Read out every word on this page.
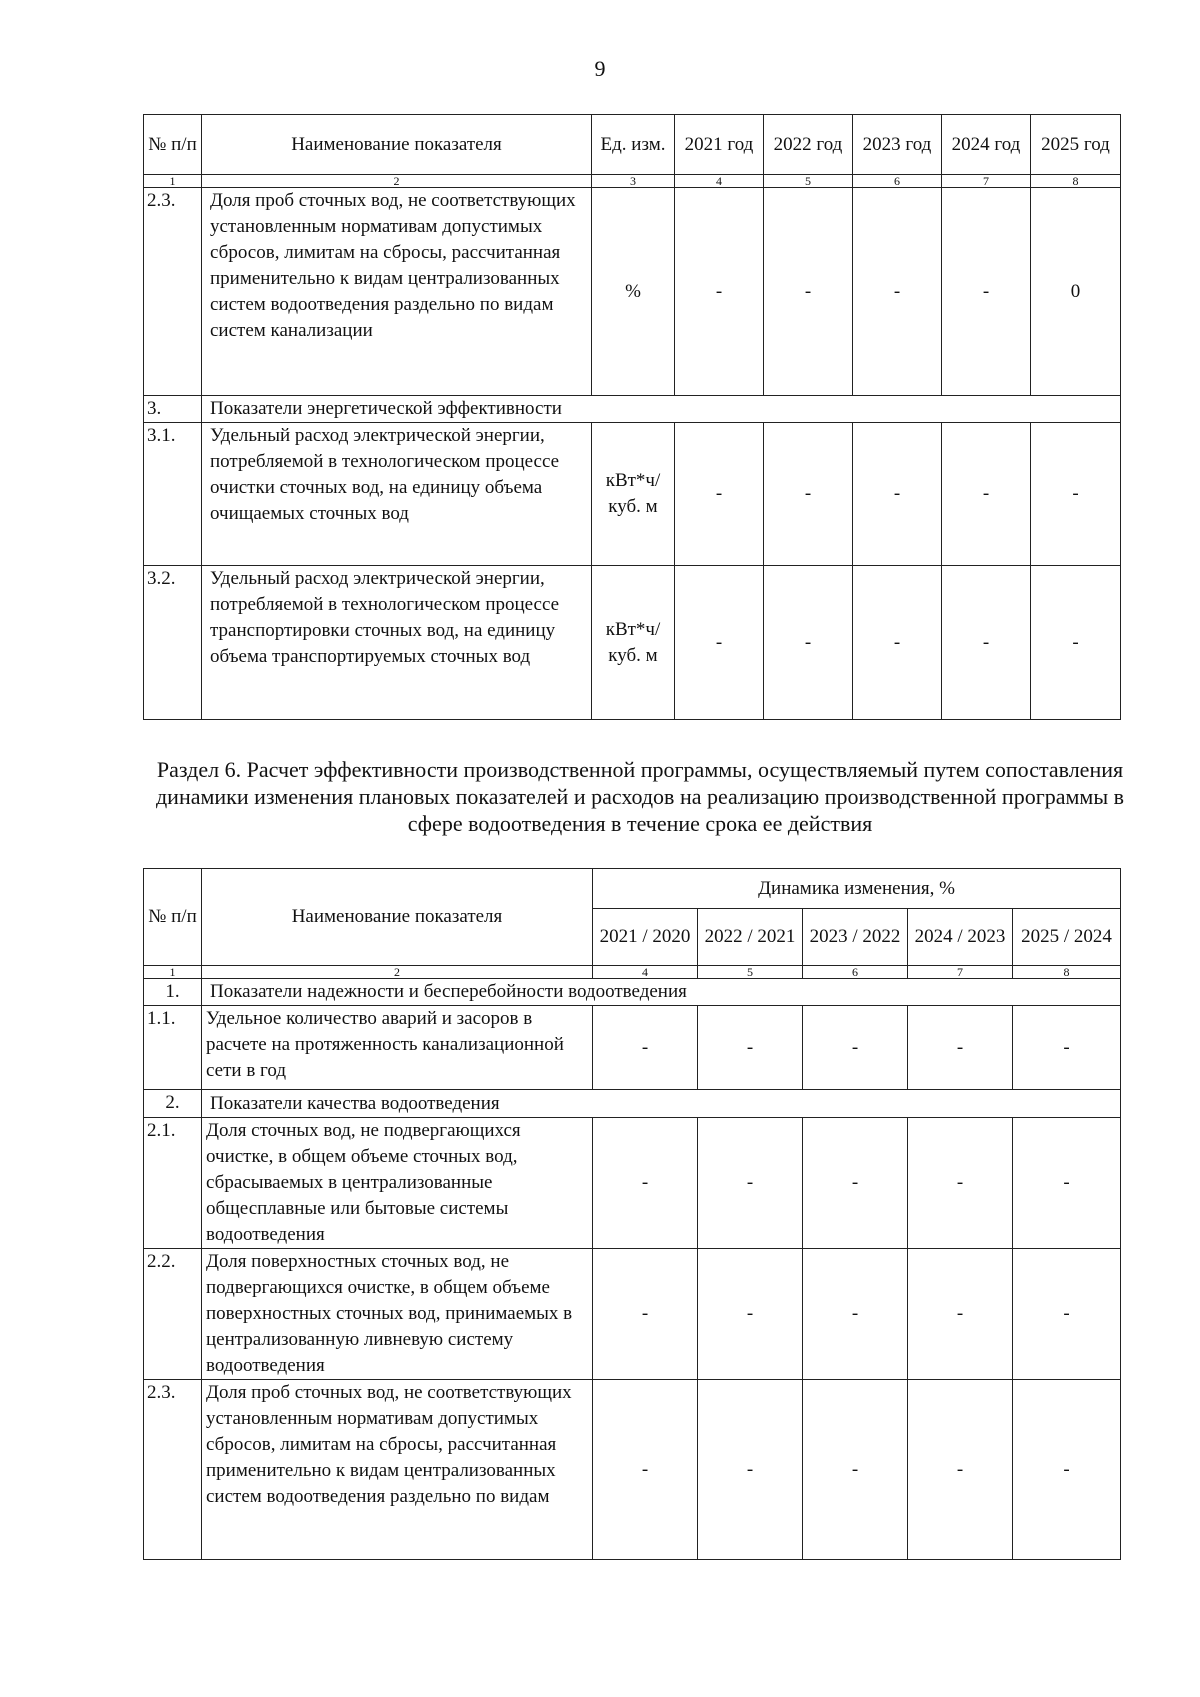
9
№ п/п	Наименование показателя	Ед. изм.	2021 год	2022 год	2023 год	2024 год	2025 год
1	2	3	4	5	6	7	8
2.3.	Доля проб сточных вод, не соответствующих установленным нормативам допустимых сбросов, лимитам на сбросы, рассчитанная применительно к видам централизованных систем водоотведения раздельно по видам систем канализации	%	-	-	-	-	0
3.	Показатели энергетической эффективности						
3.1.	Удельный расход электрической энергии, потребляемой в технологическом процессе очистки сточных вод, на единицу объема очищаемых сточных вод	кВт*ч/ куб. м	-	-	-	-	-
3.2.	Удельный расход электрической энергии, потребляемой в технологическом процессе транспортировки сточных вод, на единицу объема транспортируемых сточных вод	кВт*ч/ куб. м	-	-	-	-	-
Раздел 6. Расчет эффективности производственной программы, осуществляемый путем сопоставления динамики изменения плановых показателей и расходов на реализацию производственной программы в сфере водоотведения в течение срока ее действия
№ п/п	Наименование показателя	Динамика изменения, %				
		2021 / 2020	2022 / 2021	2023 / 2022	2024 / 2023	2025 / 2024
1	2	4	5	6	7	8
1.	Показатели надежности и бесперебойности водоотведения					
1.1.	Удельное количество аварий и засоров в расчете на протяженность канализационной сети в год	-	-	-	-	-
2.	Показатели качества водоотведения					
2.1.	Доля сточных вод, не подвергающихся очистке, в общем объеме сточных вод, сбрасываемых в централизованные общесплавные или бытовые системы водоотведения	-	-	-	-	-
2.2.	Доля поверхностных сточных вод, не подвергающихся очистке, в общем объеме поверхностных сточных вод, принимаемых в централизованную ливневую систему водоотведения	-	-	-	-	-
2.3.	Доля проб сточных вод, не соответствующих установленным нормативам допустимых сбросов, лимитам на сбросы, рассчитанная применительно к видам централизованных систем водоотведения раздельно по видам	-	-	-	-	-
